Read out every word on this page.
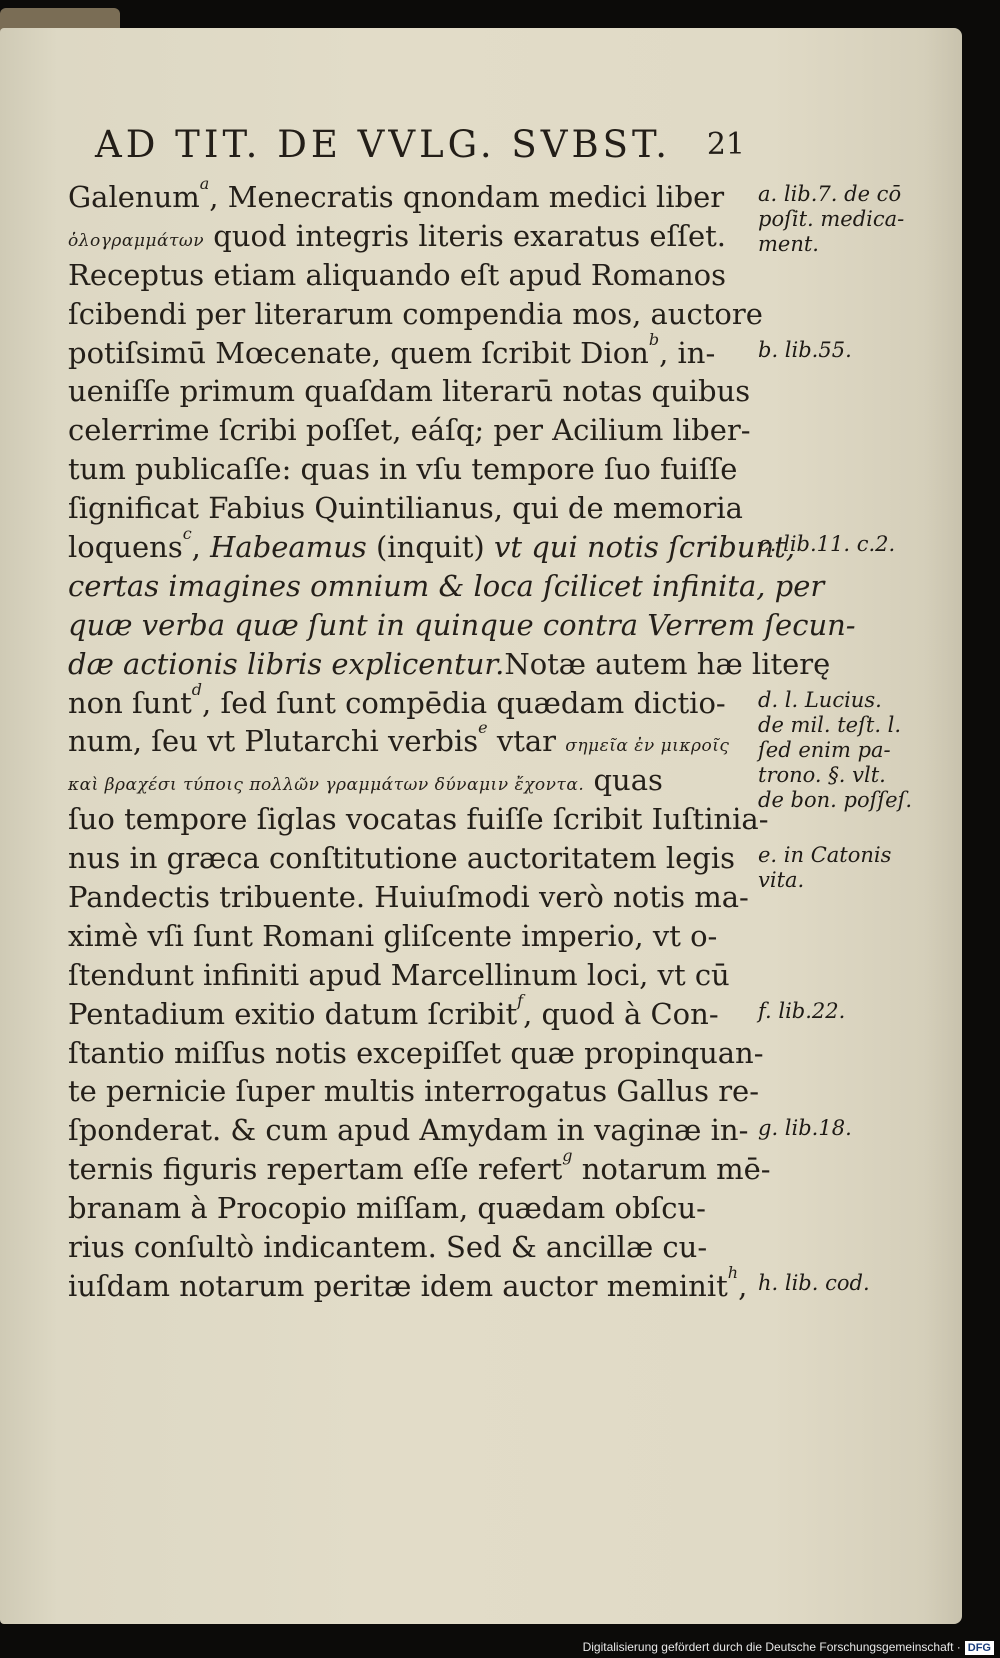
AD TIT. DE VVLG. SVBST. 21
Galenum$^a$, Menecratis qnondam medici liber
ὁλογραμμάτων quod integris literis exaratus eſſet.
Receptus etiam aliquando eſt apud Romanos
ſcibendi per literarum compendia mos, auctore
potiſsimū Mœcenate, quem ſcribit Dion$^b$, in-
ueniſſe primum quaſdam literarū notas quibus
celerrime ſcribi poſſet, eáſq; per Acilium liber-
tum publicaſſe: quas in vſu tempore ſuo fuiſſe
ſignificat Fabius Quintilianus, qui de memoria
loquens$^c$, Habeamus (inquit) vt qui notis ſcribunt,
certas imagines omnium & loca ſcilicet infinita, per
quæ verba quæ ſunt in quinque contra Verrem ſecun-
dæ actionis libris explicentur.Notæ autem hæ literę
non ſunt$^d$, ſed ſunt compēdia quædam dictio-
num, ſeu vt Plutarchi verbis$^e$ vtar σημεῖα ἐν μικροῖς
καὶ βραχέσι τύποις πολλῶν γραμμάτων δύναμιν ἔχοντα. quas
ſuo tempore ſiglas vocatas fuiſſe ſcribit Iuſtinia-
nus in græca conſtitutione auctoritatem legis
Pandectis tribuente. Huiuſmodi verò notis ma-
ximè vſi ſunt Romani gliſcente imperio, vt o-
ſtendunt infiniti apud Marcellinum loci, vt cū
Pentadium exitio datum ſcribit$^f$, quod à Con-
ſtantio miſſus notis excepiſſet quæ propinquan-
te pernicie ſuper multis interrogatus Gallus re-
ſponderat. & cum apud Amydam in vaginæ in-
ternis figuris repertam eſſe refert$^g$ notarum mē-
branam à Procopio miſſam, quædam obſcu-
rius conſultò indicantem. Sed & ancillæ cu-
iuſdam notarum peritæ idem auctor meminit$^h$,
a. lib.7. de cō
poſit. medica-
ment.
b. lib.55.
c. lib.11. c.2.
d. l. Lucius.
de mil. teſt. l.
ſed enim pa-
trono. §. vlt.
de bon. poſſeſ.
e. in Catonis
vita.
f. lib.22.
g. lib.18.
h. lib. cod.
Digitalisierung gefördert durch die Deutsche Forschungsgemeinschaft · DFG
